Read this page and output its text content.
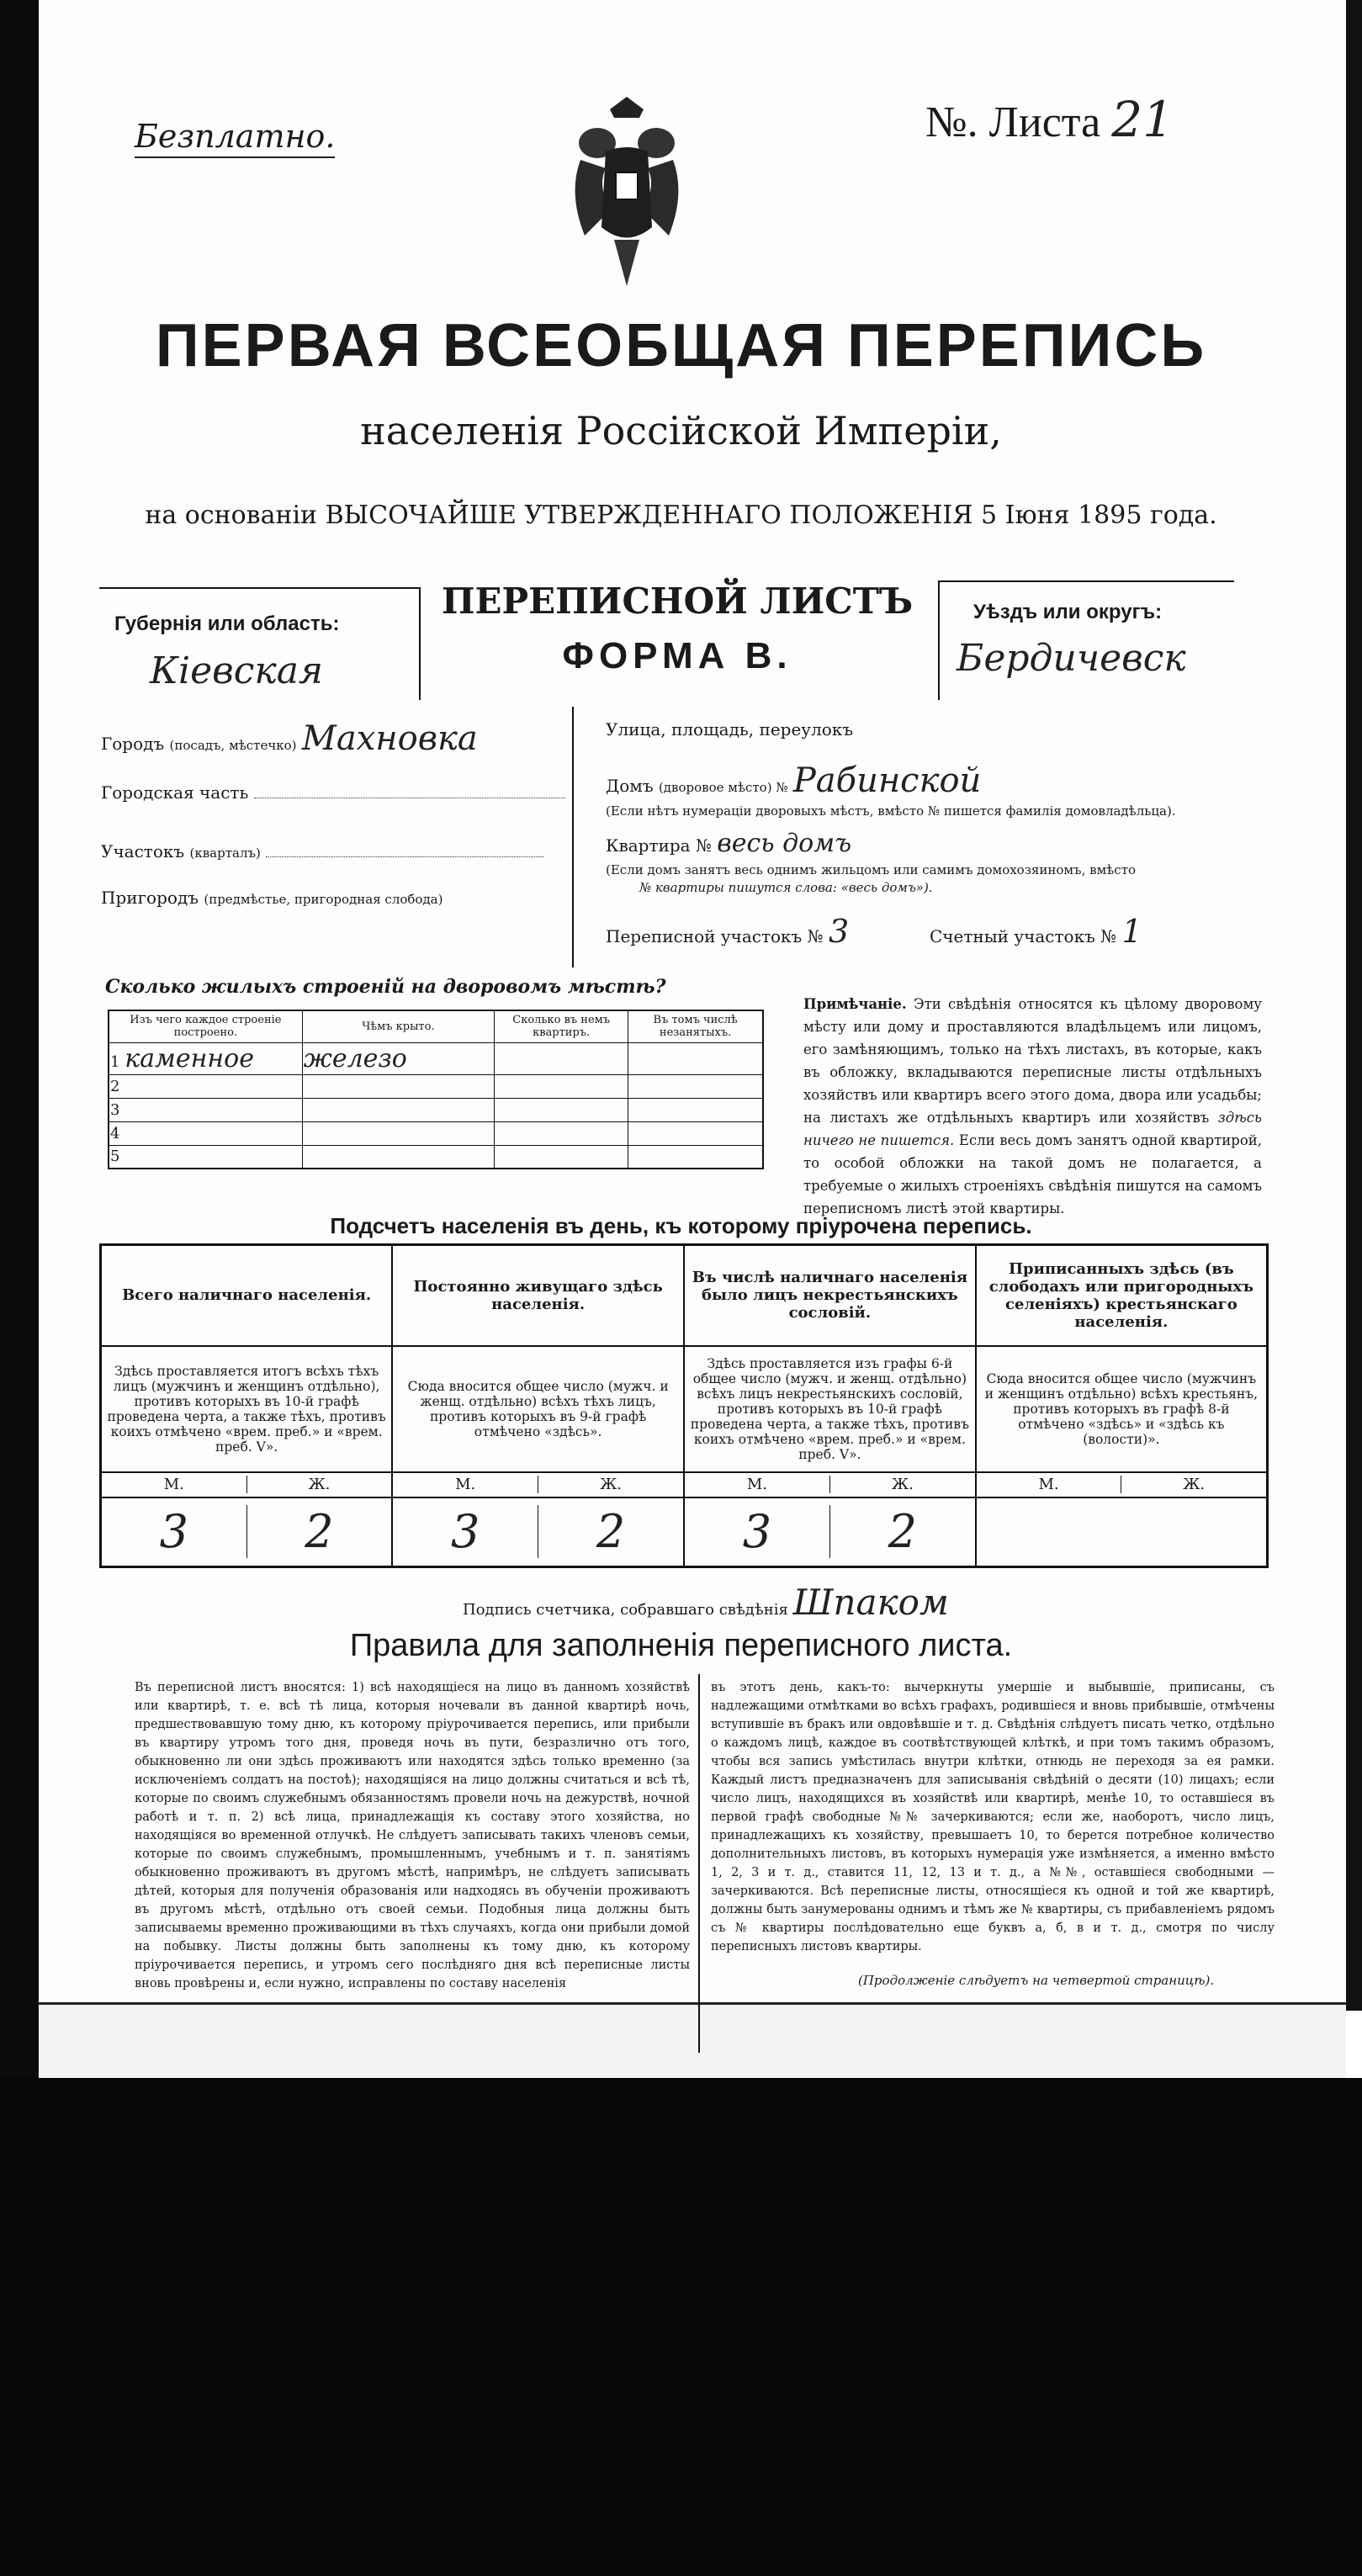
Безплатно.	№. Листа 21
ПЕРВАЯ ВСЕОБЩАЯ ПЕРЕПИСЬ
населенія Россійской Имперіи,
на основаніи ВЫСОЧАЙШЕ УТВЕРЖДЕННАГО ПОЛОЖЕНІЯ 5 Іюня 1895 года.
Губернія или область:
Кіевская
ПЕРЕПИСНОЙ ЛИСТЪ
ФОРМА В.
Уѣздъ или округъ:
Бердичевск
Городъ (посадъ, мѣстечко) Махновка
Городская часть
Участокъ (кварталъ)
Пригородъ (предмѣстье, пригородная слобода)
Улица, площадь, переулокъ
Домъ (дворовое мѣсто) № Рабинской
(Если нѣтъ нумераціи дворовыхъ мѣстъ, вмѣсто № пишется фамилія домовладѣльца).
Квартира № весь домъ
(Если домъ занятъ весь однимъ жильцомъ или самимъ домохозяиномъ, вмѣсто
№ квартиры пишутся слова: «весь домъ»).
Переписной участокъ № 3	Счетный участокъ № 1
Сколько жилыхъ строеній на дворовомъ мѣстѣ?
Изъ чего каждое строеніе построено.	Чѣмъ крыто.	Сколько въ немъ квартиръ.	Въ томъ числѣ незанятыхъ.
1 каменное	железо		
2			
3			
4			
5			
Примѣчаніе. Эти свѣдѣнія относятся къ цѣлому дворовому мѣсту или дому и проставляются владѣльцемъ или лицомъ, его замѣняющимъ, только на тѣхъ листахъ, въ которые, какъ въ обложку, вкладываются переписные листы отдѣльныхъ хозяйствъ или квартиръ всего этого дома, двора или усадьбы; на листахъ же отдѣльныхъ квартиръ или хозяйствъ здѣсь ничего не пишется. Если весь домъ занятъ одной квартирой, то особой обложки на такой домъ не полагается, а требуемые о жилыхъ строеніяхъ свѣдѣнія пишутся на самомъ переписномъ листѣ этой квартиры.
Подсчетъ населенія въ день, къ которому пріурочена перепись.
Всего наличнаго населенія.	Постоянно живущаго здѣсь населенія.	Въ числѣ наличнаго населенія было лицъ некрестьянскихъ сословій.	Приписанныхъ здѣсь (въ слободахъ или пригородныхъ селеніяхъ) крестьянскаго населенія.
Здѣсь проставляется итогъ всѣхъ тѣхъ лицъ (мужчинъ и женщинъ отдѣльно), противъ которыхъ въ 10-й графѣ проведена черта, а также тѣхъ, противъ коихъ отмѣчено «врем. преб.» и «врем. преб. V».	Сюда вносится общее число (мужч. и женщ. отдѣльно) всѣхъ тѣхъ лицъ, противъ которыхъ въ 9-й графѣ отмѣчено «здѣсь».	Здѣсь проставляется изъ графы 6-й общее число (мужч. и женщ. отдѣльно) всѣхъ лицъ некрестьянскихъ сословій, противъ которыхъ въ 10-й графѣ проведена черта, а также тѣхъ, противъ коихъ отмѣчено «врем. преб.» и «врем. преб. V».	Сюда вносится общее число (мужчинъ и женщинъ отдѣльно) всѣхъ крестьянъ, противъ которыхъ въ графѣ 8-й отмѣчено «здѣсь» и «здѣсь къ (волости)».

М. Ж.	М. Ж.	М. Ж.	М. Ж.

3 2	3 2	3 2	

Подпись счетчика, собравшаго свѣдѣнія Шпаком
Правила для заполненія переписного листа.
Въ переписной листъ вносятся: 1) всѣ находящіеся на лицо въ данномъ хозяйствѣ или квартирѣ, т. е. всѣ тѣ лица, которыя ночевали въ данной квартирѣ ночь, предшествовавшую тому дню, къ которому пріурочивается перепись, или прибыли въ квартиру утромъ того дня, проведя ночь въ пути, безразлично отъ того, обыкновенно ли они здѣсь проживаютъ или находятся здѣсь только временно (за исключеніемъ солдатъ на постоѣ); находящіяся на лицо должны считаться и всѣ тѣ, которые по своимъ служебнымъ обязанностямъ провели ночь на дежурствѣ, ночной работѣ и т. п. 2) всѣ лица, принадлежащія къ составу этого хозяйства, но находящіяся во временной отлучкѣ. Не слѣдуетъ записывать такихъ членовъ семьи, которые по своимъ служебнымъ, промышленнымъ, учебнымъ и т. п. занятіямъ обыкновенно проживаютъ въ другомъ мѣстѣ, напримѣръ, не слѣдуетъ записывать дѣтей, которыя для полученія образованія или надходясь въ обученіи проживаютъ въ другомъ мѣстѣ, отдѣльно отъ своей семьи. Подобныя лица должны быть записываемы временно проживающими въ тѣхъ случаяхъ, когда они прибыли домой на побывку. Листы должны быть заполнены къ тому дню, къ которому пріурочивается перепись, и утромъ сего послѣдняго дня всѣ переписные листы вновь провѣрены и, если нужно, исправлены по составу населенія
въ этотъ день, какъ-то: вычеркнуты умершіе и выбывшіе, приписаны, съ надлежащими отмѣтками во всѣхъ графахъ, родившіеся и вновь прибывшіе, отмѣчены вступившіе въ бракъ или овдовѣвшіе и т. д. Свѣдѣнія слѣдуетъ писать четко, отдѣльно о каждомъ лицѣ, каждое въ соотвѣтствующей клѣткѣ, и при томъ такимъ образомъ, чтобы вся запись умѣстилась внутри клѣтки, отнюдь не переходя за ея рамки. Каждый листъ предназначенъ для записыванія свѣдѣній о десяти (10) лицахъ; если число лицъ, находящихся въ хозяйствѣ или квартирѣ, менѣе 10, то оставшіеся въ первой графѣ свободные №№ зачеркиваются; если же, наоборотъ, число лицъ, принадлежащихъ къ хозяйству, превышаетъ 10, то берется потребное количество дополнительныхъ листовъ, въ которыхъ нумерація уже измѣняется, а именно вмѣсто 1, 2, 3 и т. д., ставится 11, 12, 13 и т. д., а №№, оставшіеся свободными — зачеркиваются. Всѣ переписные листы, относящіеся къ одной и той же квартирѣ, должны быть занумерованы однимъ и тѣмъ же № квартиры, съ прибавленіемъ рядомъ съ № квартиры послѣдовательно еще буквъ а, б, в и т. д., смотря по числу переписныхъ листовъ квартиры.
(Продолженіе слѣдуетъ на четвертой страницѣ).
